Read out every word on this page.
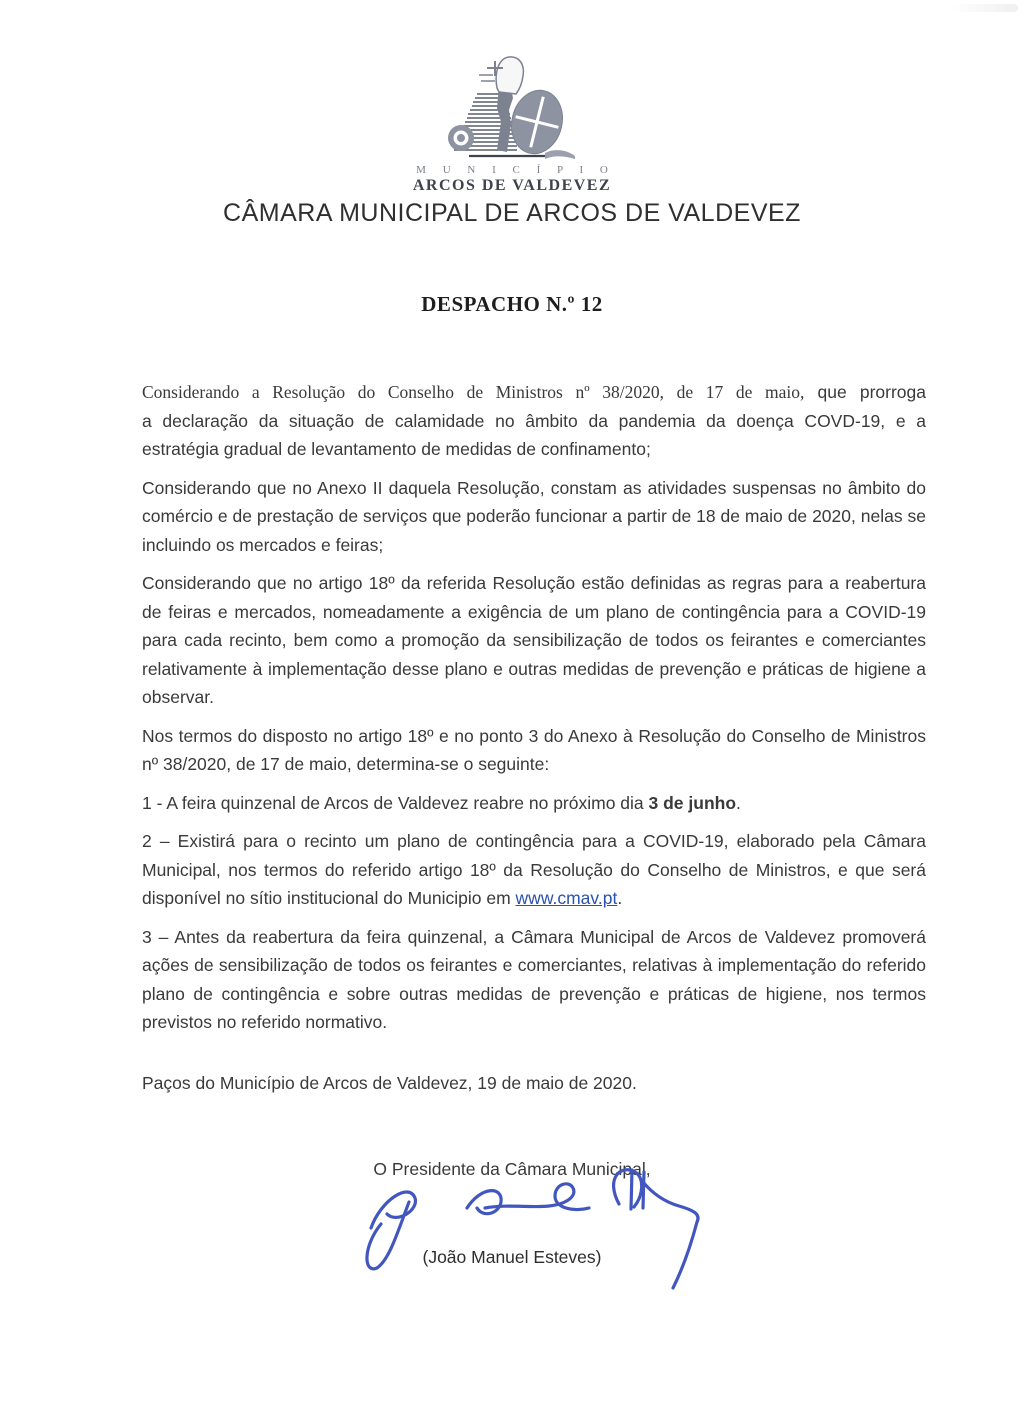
M U N I C Í P I O
ARCOS DE VALDEVEZ
CÂMARA MUNICIPAL DE ARCOS DE VALDEVEZ
DESPACHO N.º 12

Considerando a Resolução do Conselho de Ministros nº 38/2020, de 17 de maio, que prorroga
a declaração da situação de calamidade no âmbito da pandemia da doença COVD-19, e a estratégia gradual de levantamento de medidas de confinamento;

Considerando que no Anexo II daquela Resolução, constam as atividades suspensas no âmbito do comércio e de prestação de serviços que poderão funcionar a partir de 18 de maio de 2020, nelas se incluindo os mercados e feiras;

Considerando que no artigo 18º da referida Resolução estão definidas as regras para a reabertura de feiras e mercados, nomeadamente a exigência de um plano de contingência para a COVID-19 para cada recinto, bem como a promoção da sensibilização de todos os feirantes e comerciantes relativamente à implementação desse plano e outras medidas de prevenção e práticas de higiene a observar.

Nos termos do disposto no artigo 18º e no ponto 3 do Anexo à Resolução do Conselho de Ministros nº 38/2020, de 17 de maio, determina-se o seguinte:

1 - A feira quinzenal de Arcos de Valdevez reabre no próximo dia 3 de junho.

2 – Existirá para o recinto um plano de contingência para a COVID-19, elaborado pela Câmara Municipal, nos termos do referido artigo 18º da Resolução do Conselho de Ministros, e que será disponível no sítio institucional do Municipio em www.cmav.pt.

3 – Antes da reabertura da feira quinzenal, a Câmara Municipal de Arcos de Valdevez promoverá ações de sensibilização de todos os feirantes e comerciantes, relativas à implementação do referido plano de contingência e sobre outras medidas de prevenção e práticas de higiene, nos termos previstos no referido normativo.

Paços do Município de Arcos de Valdevez, 19 de maio de 2020.

O Presidente da Câmara Municipal,

(João Manuel Esteves)
